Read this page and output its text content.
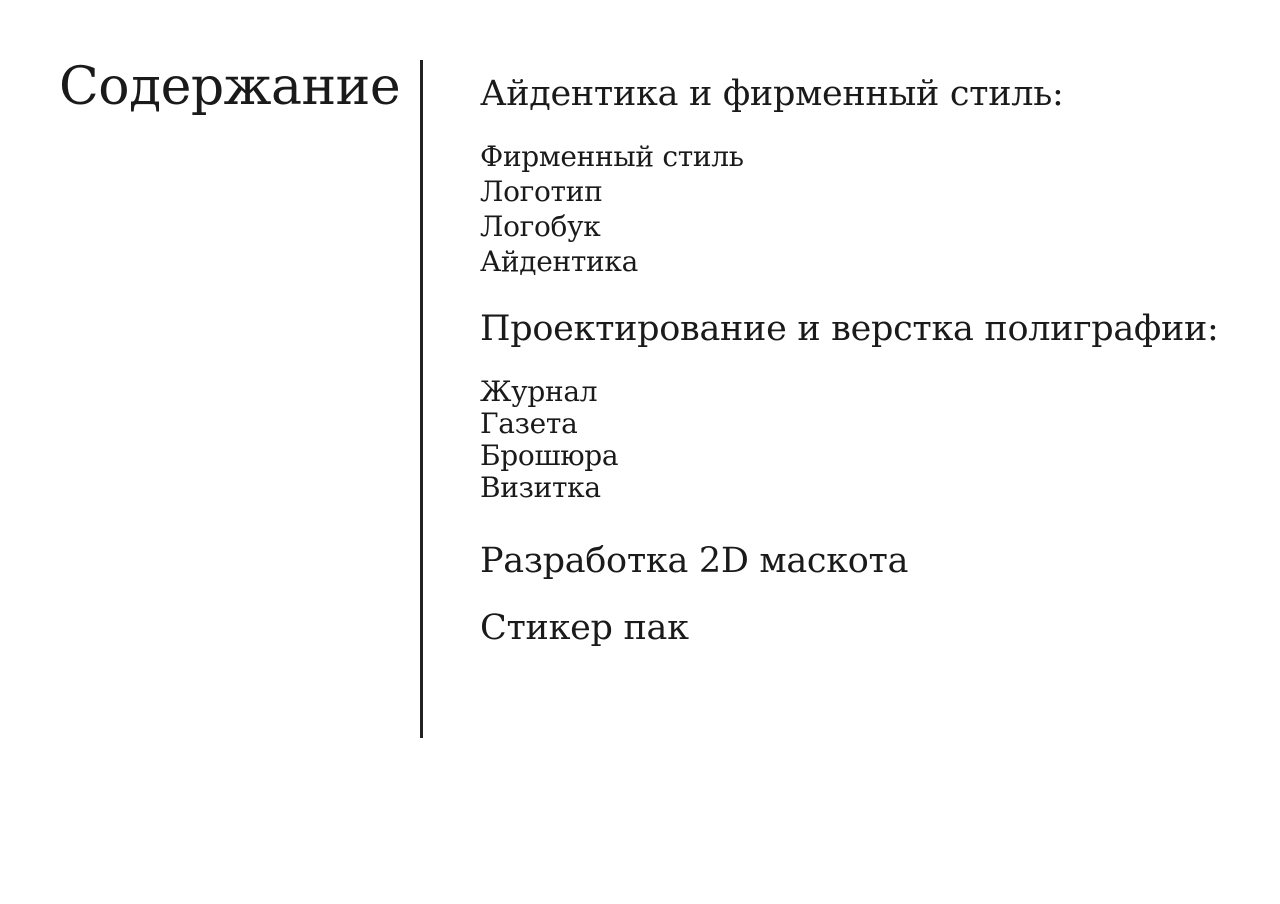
Содержание Айдентика и фирменный стиль:
Фирменный стиль
Логотип
Логобук
Айдентика
Проектирование и верстка полиграфии:
Журнал
Газета
Брошюра
Визитка
Разработка 2D маскота
Стикер пак
